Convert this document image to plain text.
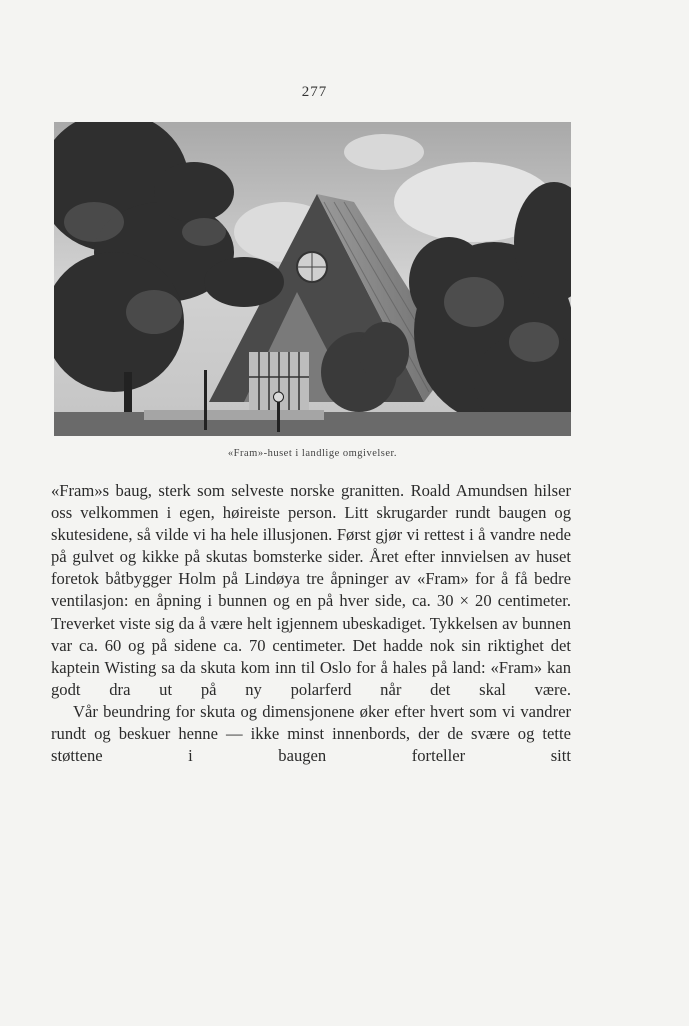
277
«Fram»-huset i landlige omgivelser.

«Fram»s baug, sterk som selveste norske granitten. Roald Amundsen hilser oss velkommen i egen, høireiste person. Litt skrugarder rundt baugen og skutesidene, så vilde vi ha hele illusjonen. Først gjør vi rettest i å vandre nede på gulvet og kikke på skutas bomsterke sider. Året efter innvielsen av huset foretok båtbygger Holm på Lindøya tre åpninger av «Fram» for å få bedre ventilasjon: en åpning i bunnen og en på hver side, ca. 30 × 20 centimeter. Treverket viste sig da å være helt igjennem ubeskadiget. Tykkelsen av bunnen var ca. 60 og på sidene ca. 70 centimeter. Det hadde nok sin riktighet det kaptein Wisting sa da skuta kom inn til Oslo for å hales på land: «Fram» kan godt dra ut på ny polarferd når det skal være.

Vår beundring for skuta og dimensjonene øker efter hvert som vi vandrer rundt og beskuer henne — ikke minst innenbords, der de svære og tette støttene i baugen forteller sitt
